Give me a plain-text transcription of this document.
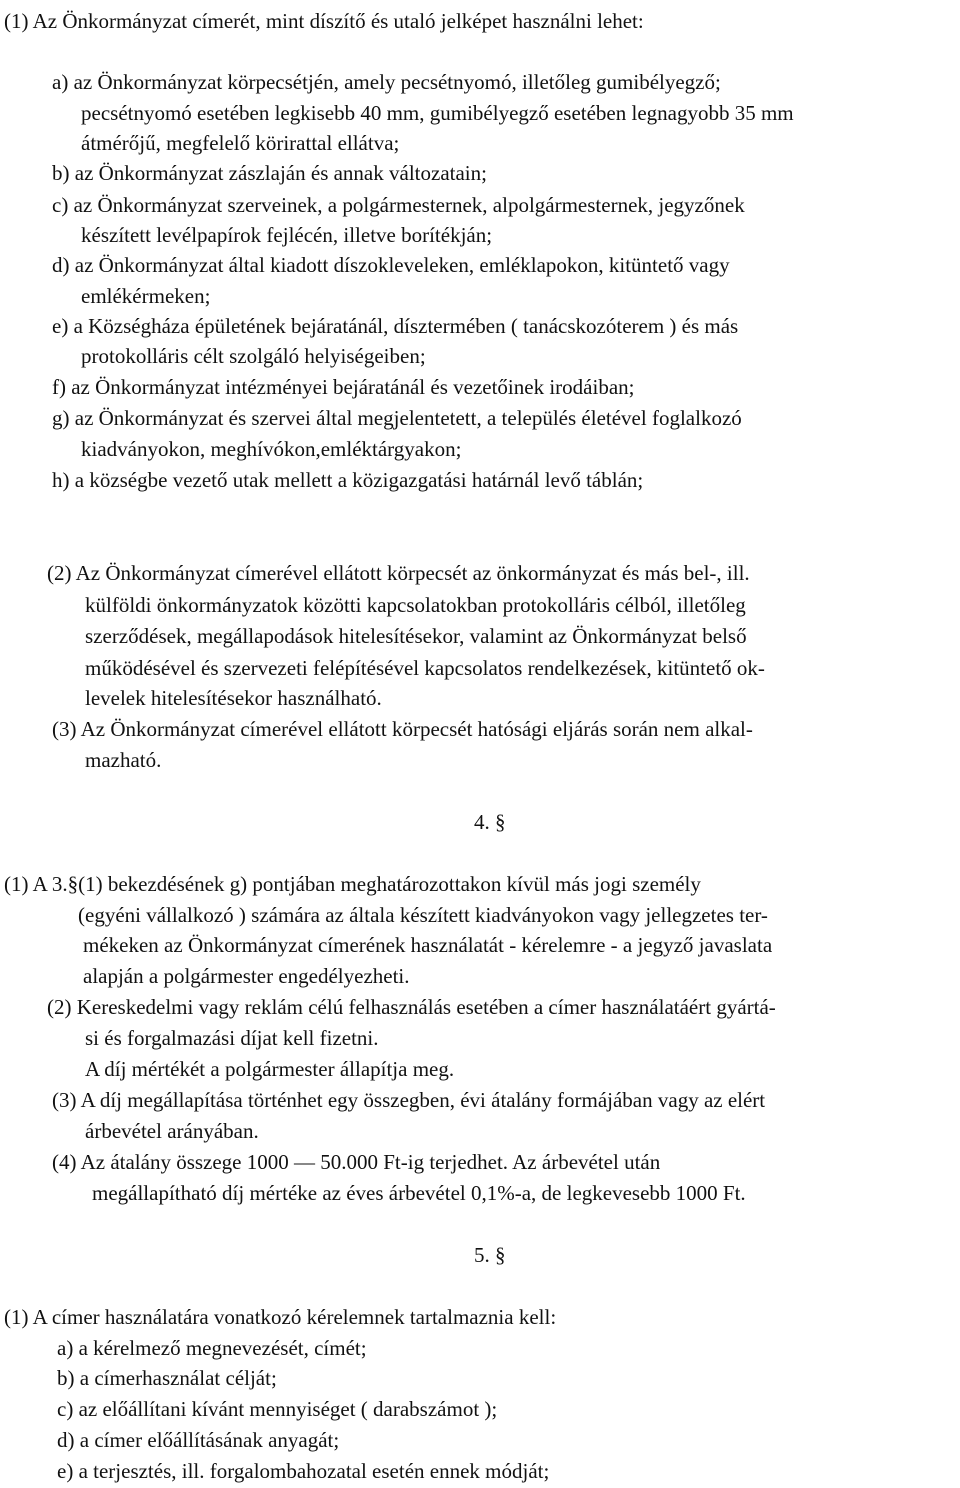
(1) Az Önkormányzat címerét, mint díszítő és utaló jelképet használni lehet:
a) az Önkormányzat körpecsétjén, amely pecsétnyomó, illetőleg gumibélyegző;
pecsétnyomó esetében legkisebb 40 mm, gumibélyegző esetében legnagyobb 35 mm
átmérőjű, megfelelő körirattal ellátva;
b) az Önkormányzat zászlaján és annak változatain;
c) az Önkormányzat szerveinek, a polgármesternek, alpolgármesternek, jegyzőnek
készített levélpapírok fejlécén, illetve borítékján;
d) az Önkormányzat által kiadott díszokleveleken, emléklapokon, kitüntető vagy
emlékérmeken;
e) a Községháza épületének bejáratánál, dísztermében ( tanácskozóterem ) és más
protokolláris célt szolgáló helyiségeiben;
f) az Önkormányzat intézményei bejáratánál és vezetőinek irodáiban;
g) az Önkormányzat és szervei által megjelentetett, a település életével foglalkozó
kiadványokon, meghívókon,emléktárgyakon;
h) a községbe vezető utak mellett a közigazgatási határnál levő táblán;
(2) Az Önkormányzat címerével ellátott körpecsét az önkormányzat és más bel-, ill.
külföldi önkormányzatok közötti kapcsolatokban protokolláris célból, illetőleg
szerződések, megállapodások hitelesítésekor, valamint az Önkormányzat belső
működésével és szervezeti felépítésével kapcsolatos rendelkezések, kitüntető ok-
levelek hitelesítésekor használható.
(3) Az Önkormányzat címerével ellátott körpecsét hatósági eljárás során nem alkal-
mazható.
4. §
(1) A 3.§(1) bekezdésének g) pontjában meghatározottakon kívül más jogi személy
(egyéni vállalkozó ) számára az általa készített kiadványokon vagy jellegzetes ter-
mékeken az Önkormányzat címerének használatát - kérelemre - a jegyző javaslata
alapján a polgármester engedélyezheti.
(2) Kereskedelmi vagy reklám célú felhasználás esetében a címer használatáért gyártá-
si és forgalmazási díjat kell fizetni.
A díj mértékét a polgármester állapítja meg.
(3) A díj megállapítása történhet egy összegben, évi átalány formájában vagy az elért
árbevétel arányában.
(4) Az átalány összege 1000 — 50.000 Ft-ig terjedhet. Az árbevétel után
megállapítható díj mértéke az éves árbevétel 0,1%-a, de legkevesebb 1000 Ft.
5. §
(1) A címer használatára vonatkozó kérelemnek tartalmaznia kell:
a) a kérelmező megnevezését, címét;
b) a címerhasználat célját;
c) az előállítani kívánt mennyiséget ( darabszámot );
d) a címer előállításának anyagát;
e) a terjesztés, ill. forgalombahozatal esetén ennek módját;
